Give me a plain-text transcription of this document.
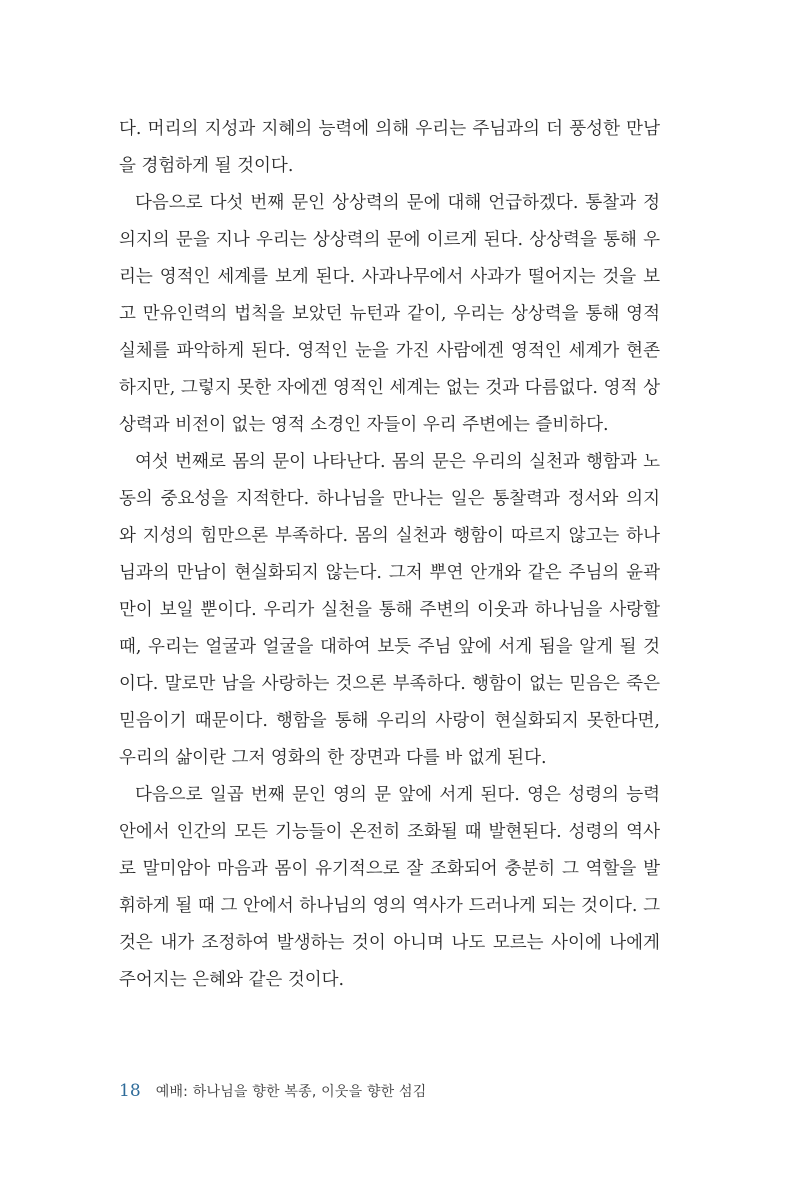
다. 머리의 지성과 지혜의 능력에 의해 우리는 주님과의 더 풍성한 만남
을 경험하게 될 것이다.
다음으로 다섯 번째 문인 상상력의 문에 대해 언급하겠다. 통찰과 정
의지의 문을 지나 우리는 상상력의 문에 이르게 된다. 상상력을 통해 우
리는 영적인 세계를 보게 된다. 사과나무에서 사과가 떨어지는 것을 보
고 만유인력의 법칙을 보았던 뉴턴과 같이, 우리는 상상력을 통해 영적
실체를 파악하게 된다. 영적인 눈을 가진 사람에겐 영적인 세계가 현존
하지만, 그렇지 못한 자에겐 영적인 세계는 없는 것과 다름없다. 영적 상
상력과 비전이 없는 영적 소경인 자들이 우리 주변에는 즐비하다.
여섯 번째로 몸의 문이 나타난다. 몸의 문은 우리의 실천과 행함과 노
동의 중요성을 지적한다. 하나님을 만나는 일은 통찰력과 정서와 의지
와 지성의 힘만으론 부족하다. 몸의 실천과 행함이 따르지 않고는 하나
님과의 만남이 현실화되지 않는다. 그저 뿌연 안개와 같은 주님의 윤곽
만이 보일 뿐이다. 우리가 실천을 통해 주변의 이웃과 하나님을 사랑할
때, 우리는 얼굴과 얼굴을 대하여 보듯 주님 앞에 서게 됨을 알게 될 것
이다. 말로만 남을 사랑하는 것으론 부족하다. 행함이 없는 믿음은 죽은
믿음이기 때문이다. 행함을 통해 우리의 사랑이 현실화되지 못한다면,
우리의 삶이란 그저 영화의 한 장면과 다를 바 없게 된다.
다음으로 일곱 번째 문인 영의 문 앞에 서게 된다. 영은 성령의 능력
안에서 인간의 모든 기능들이 온전히 조화될 때 발현된다. 성령의 역사
로 말미암아 마음과 몸이 유기적으로 잘 조화되어 충분히 그 역할을 발
휘하게 될 때 그 안에서 하나님의 영의 역사가 드러나게 되는 것이다. 그
것은 내가 조정하여 발생하는 것이 아니며 나도 모르는 사이에 나에게
주어지는 은혜와 같은 것이다.
18 예배: 하나님을 향한 복종, 이웃을 향한 섬김
